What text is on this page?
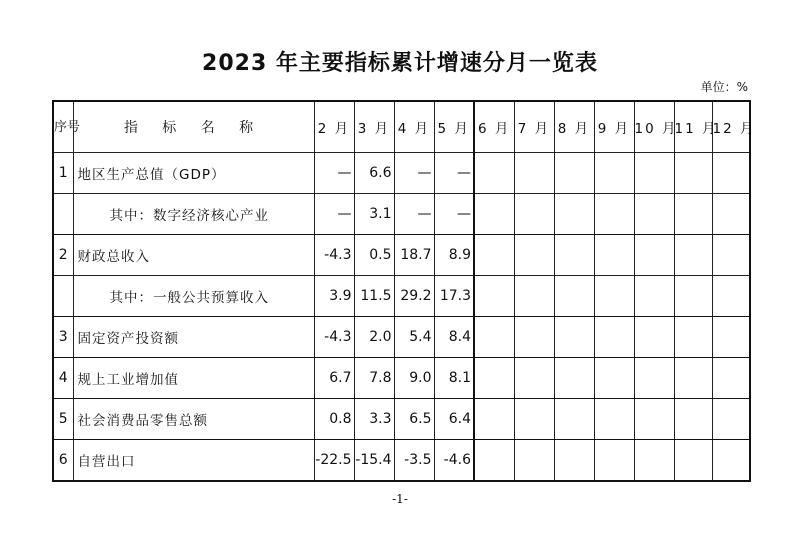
2023 年主要指标累计增速分月一览表
单位：%
序号	指 标 名 称	2 月	3 月	4 月	5 月	6 月	7 月	8 月	9 月	10 月	11 月	12 月
1	地区生产总值（GDP）	—	6.6	—	—							
	其中：数字经济核心产业	—	3.1	—	—							
2	财政总收入	-4.3	0.5	18.7	8.9							
	其中：一般公共预算收入	3.9	11.5	29.2	17.3							
3	固定资产投资额	-4.3	2.0	5.4	8.4							
4	规上工业增加值	6.7	7.8	9.0	8.1							
5	社会消费品零售总额	0.8	3.3	6.5	6.4							
6	自营出口	-22.5	-15.4	-3.5	-4.6							
-1-
